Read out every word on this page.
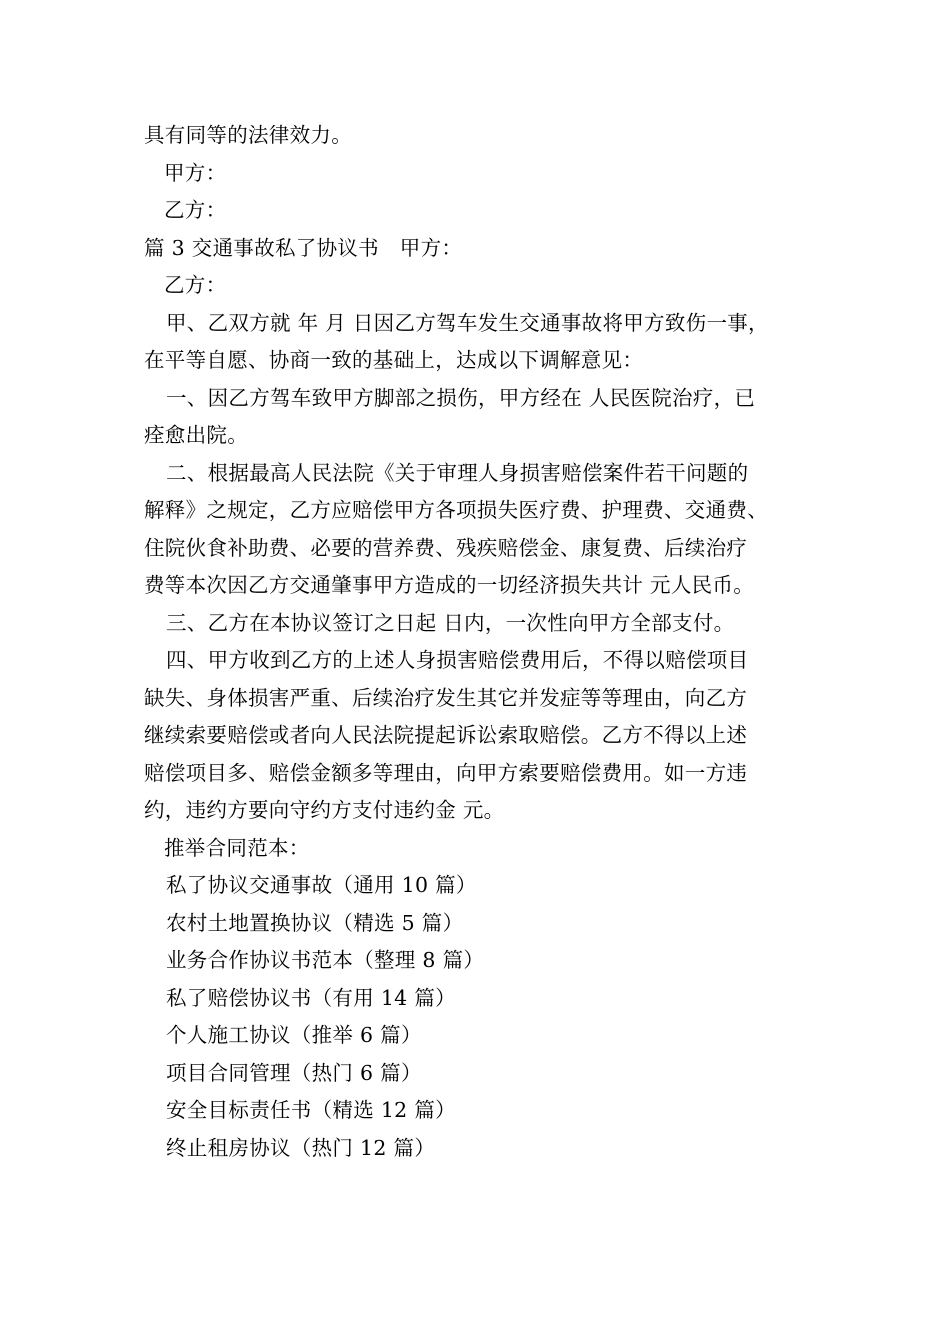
具有同等的法律效力。
甲方：
乙方：
篇 3 交通事故私了协议书　甲方：
乙方：
甲、乙双方就 年 月 日因乙方驾车发生交通事故将甲方致伤一事，
在平等自愿、协商一致的基础上，达成以下调解意见：
一、因乙方驾车致甲方脚部之损伤，甲方经在 人民医院治疗，已
痊愈出院。
二、根据最高人民法院《关于审理人身损害赔偿案件若干问题的
解释》之规定，乙方应赔偿甲方各项损失医疗费、护理费、交通费、
住院伙食补助费、必要的营养费、残疾赔偿金、康复费、后续治疗
费等本次因乙方交通肇事甲方造成的一切经济损失共计 元人民币。
三、乙方在本协议签订之日起 日内，一次性向甲方全部支付。
四、甲方收到乙方的上述人身损害赔偿费用后，不得以赔偿项目
缺失、身体损害严重、后续治疗发生其它并发症等等理由，向乙方
继续索要赔偿或者向人民法院提起诉讼索取赔偿。乙方不得以上述
赔偿项目多、赔偿金额多等理由，向甲方索要赔偿费用。如一方违
约，违约方要向守约方支付违约金 元。
推举合同范本：
私了协议交通事故（通用 10 篇）
农村土地置换协议（精选 5 篇）
业务合作协议书范本（整理 8 篇）
私了赔偿协议书（有用 14 篇）
个人施工协议（推举 6 篇）
项目合同管理（热门 6 篇）
安全目标责任书（精选 12 篇）
终止租房协议（热门 12 篇）
